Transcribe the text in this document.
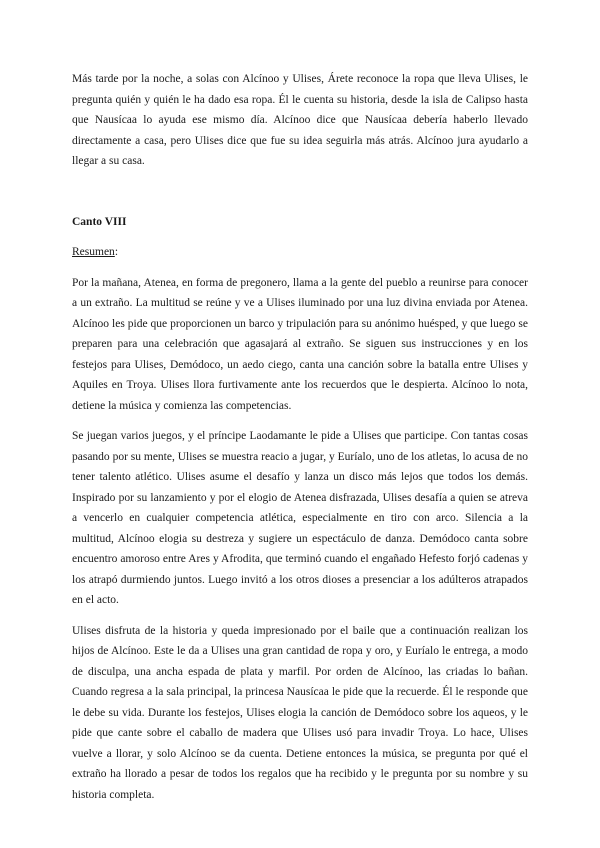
Más tarde por la noche, a solas con Alcínoo y Ulises, Árete reconoce la ropa que lleva Ulises, le pregunta quién y quién le ha dado esa ropa. Él le cuenta su historia, desde la isla de Calipso hasta que Nausícaa lo ayuda ese mismo día. Alcínoo dice que Nausícaa debería haberlo llevado directamente a casa, pero Ulises dice que fue su idea seguirla más atrás. Alcínoo jura ayudarlo a llegar a su casa.

Canto VIII

Resumen:

Por la mañana, Atenea, en forma de pregonero, llama a la gente del pueblo a reunirse para conocer a un extraño. La multitud se reúne y ve a Ulises iluminado por una luz divina enviada por Atenea. Alcínoo les pide que proporcionen un barco y tripulación para su anónimo huésped, y que luego se preparen para una celebración que agasajará al extraño. Se siguen sus instrucciones y en los festejos para Ulises, Demódoco, un aedo ciego, canta una canción sobre la batalla entre Ulises y Aquiles en Troya. Ulises llora furtivamente ante los recuerdos que le despierta. Alcínoo lo nota, detiene la música y comienza las competencias.

Se juegan varios juegos, y el príncipe Laodamante le pide a Ulises que participe. Con tantas cosas pasando por su mente, Ulises se muestra reacio a jugar, y Euríalo, uno de los atletas, lo acusa de no tener talento atlético. Ulises asume el desafío y lanza un disco más lejos que todos los demás. Inspirado por su lanzamiento y por el elogio de Atenea disfrazada, Ulises desafía a quien se atreva a vencerlo en cualquier competencia atlética, especialmente en tiro con arco. Silencia a la multitud, Alcínoo elogia su destreza y sugiere un espectáculo de danza. Demódoco canta sobre encuentro amoroso entre Ares y Afrodita, que terminó cuando el engañado Hefesto forjó cadenas y los atrapó durmiendo juntos. Luego invitó a los otros dioses a presenciar a los adúlteros atrapados en el acto.

Ulises disfruta de la historia y queda impresionado por el baile que a continuación realizan los hijos de Alcínoo. Este le da a Ulises una gran cantidad de ropa y oro, y Euríalo le entrega, a modo de disculpa, una ancha espada de plata y marfil. Por orden de Alcínoo, las criadas lo bañan. Cuando regresa a la sala principal, la princesa Nausícaa le pide que la recuerde. Él le responde que le debe su vida. Durante los festejos, Ulises elogia la canción de Demódoco sobre los aqueos, y le pide que cante sobre el caballo de madera que Ulises usó para invadir Troya. Lo hace, Ulises vuelve a llorar, y solo Alcínoo se da cuenta. Detiene entonces la música, se pregunta por qué el extraño ha llorado a pesar de todos los regalos que ha recibido y le pregunta por su nombre y su historia completa.
